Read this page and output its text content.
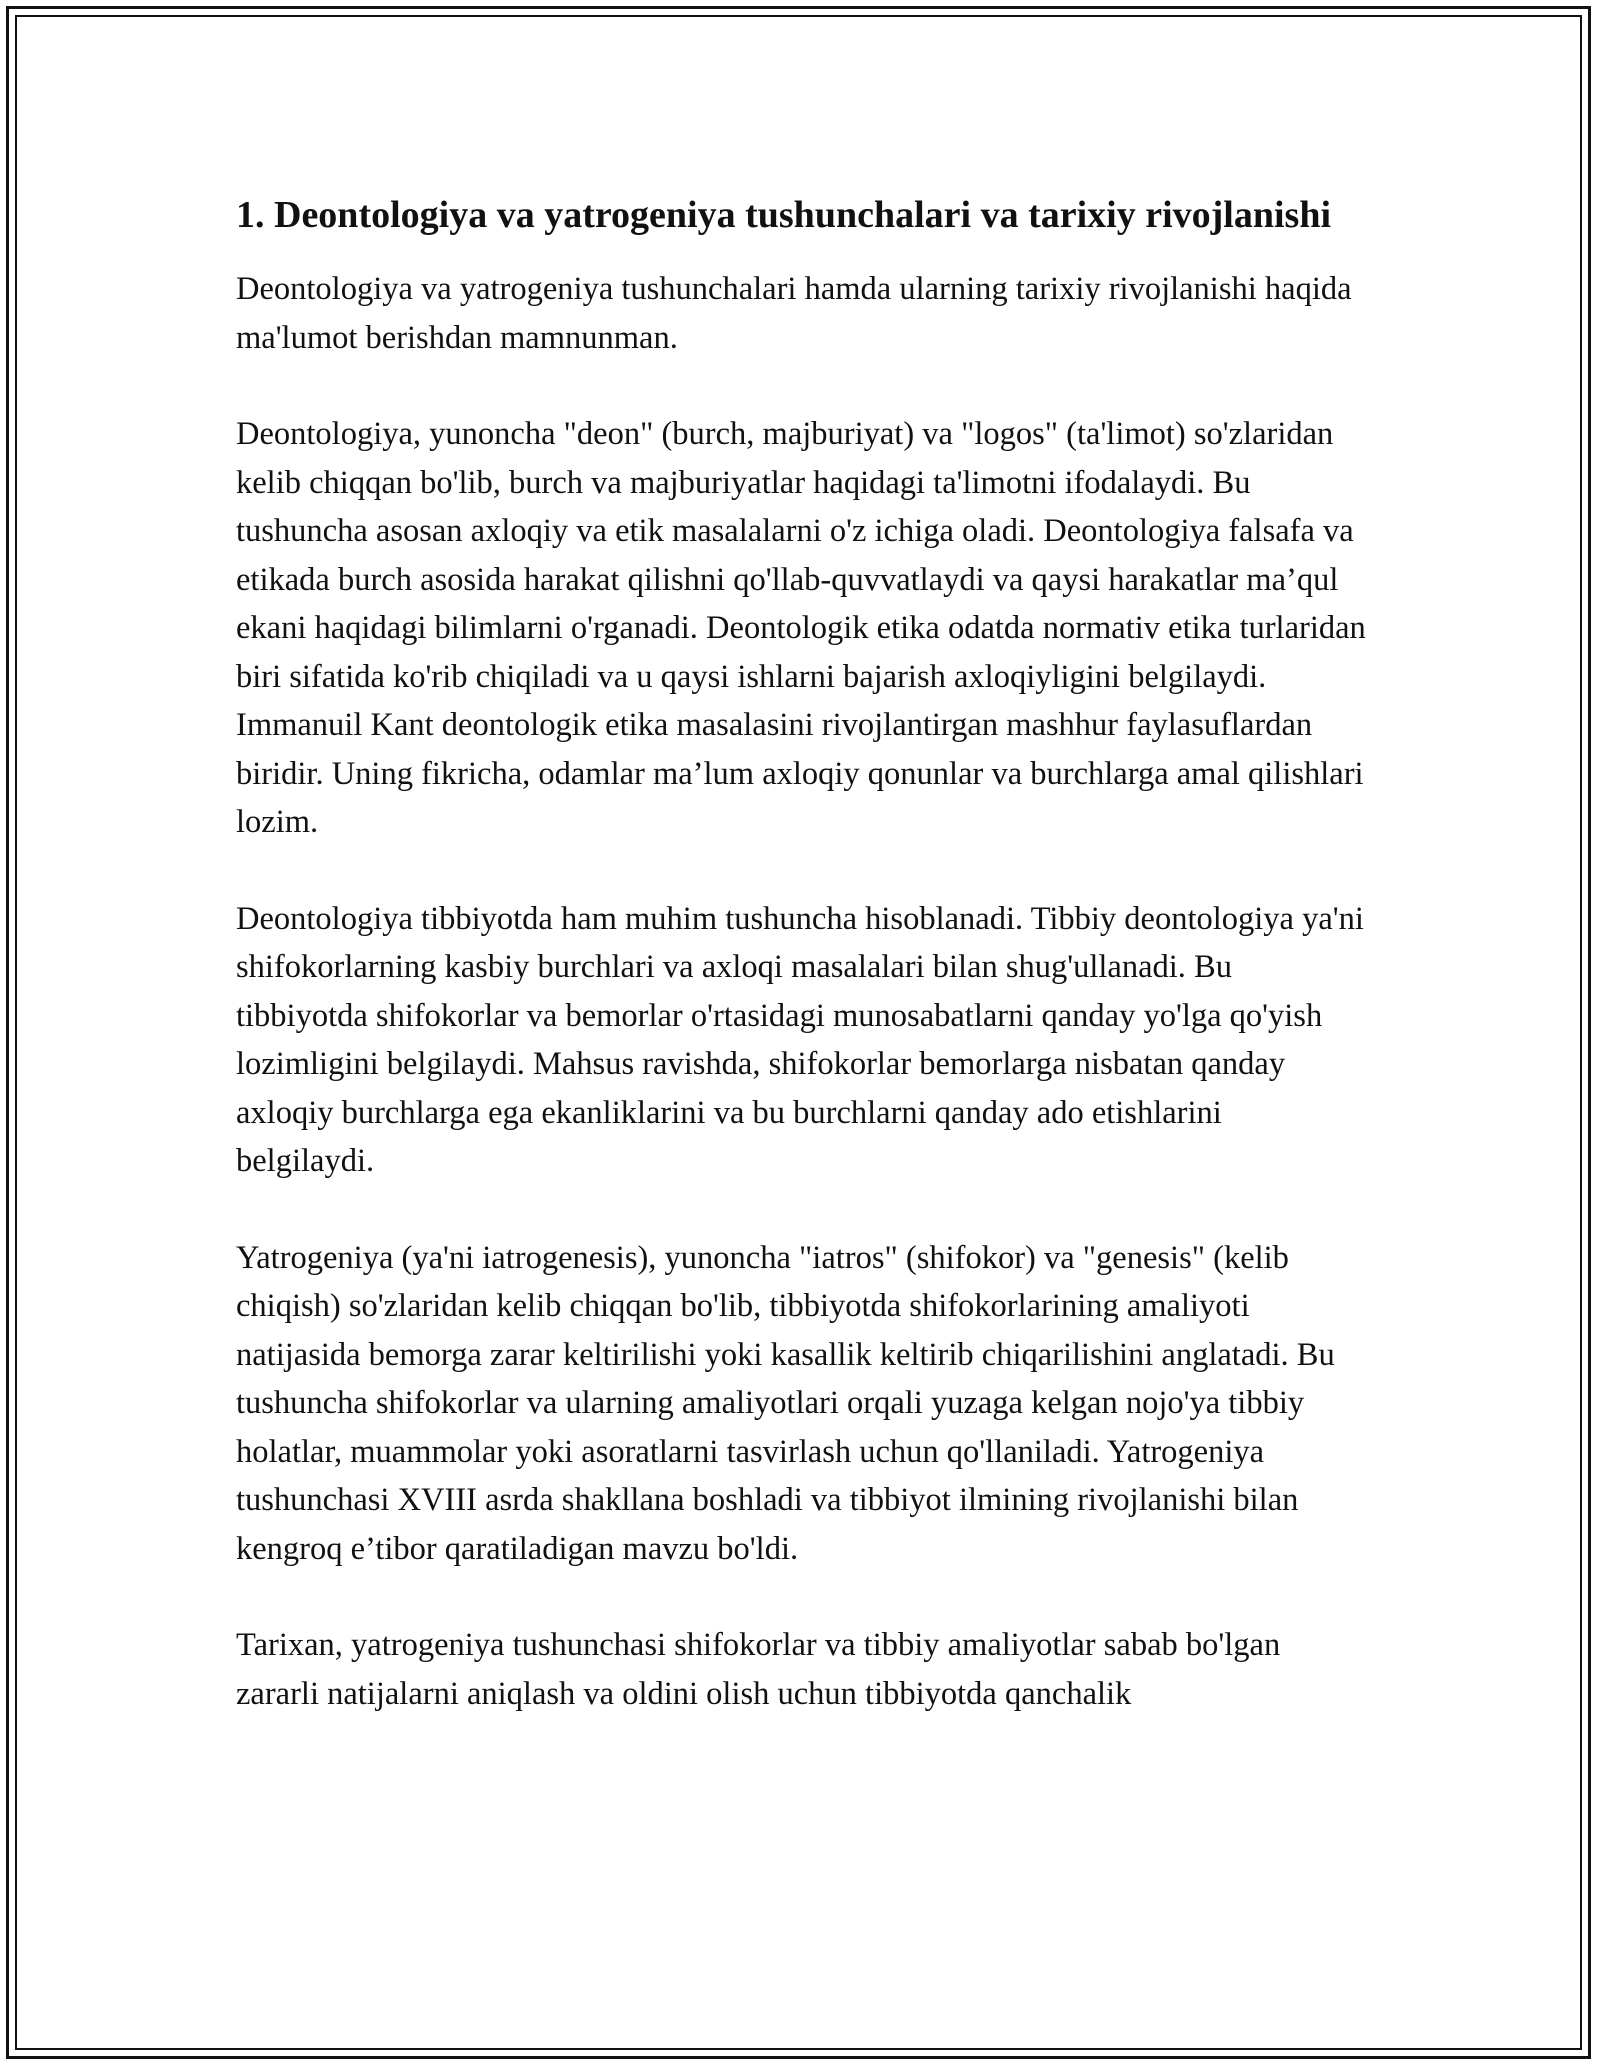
1. Deontologiya va yatrogeniya tushunchalari va tarixiy rivojlanishi

Deontologiya va yatrogeniya tushunchalari hamda ularning tarixiy rivojlanishi haqida ma'lumot berishdan mamnunman.

Deontologiya, yunoncha "deon" (burch, majburiyat) va "logos" (ta'limot) so'zlaridan kelib chiqqan bo'lib, burch va majburiyatlar haqidagi ta'limotni ifodalaydi. Bu tushuncha asosan axloqiy va etik masalalarni o'z ichiga oladi. Deontologiya falsafa va etikada burch asosida harakat qilishni qo'llab-quvvatlaydi va qaysi harakatlar ma’qul ekani haqidagi bilimlarni o'rganadi. Deontologik etika odatda normativ etika turlaridan biri sifatida ko'rib chiqiladi va u qaysi ishlarni bajarish axloqiyligini belgilaydi. Immanuil Kant deontologik etika masalasini rivojlantirgan mashhur faylasuflardan biridir. Uning fikricha, odamlar ma’lum axloqiy qonunlar va burchlarga amal qilishlari lozim.

Deontologiya tibbiyotda ham muhim tushuncha hisoblanadi. Tibbiy deontologiya ya'ni shifokorlarning kasbiy burchlari va axloqi masalalari bilan shug'ullanadi. Bu tibbiyotda shifokorlar va bemorlar o'rtasidagi munosabatlarni qanday yo'lga qo'yish lozimligini belgilaydi. Mahsus ravishda, shifokorlar bemorlarga nisbatan qanday axloqiy burchlarga ega ekanliklarini va bu burchlarni qanday ado etishlarini belgilaydi.

Yatrogeniya (ya'ni iatrogenesis), yunoncha "iatros" (shifokor) va "genesis" (kelib chiqish) so'zlaridan kelib chiqqan bo'lib, tibbiyotda shifokorlarining amaliyoti natijasida bemorga zarar keltirilishi yoki kasallik keltirib chiqarilishini anglatadi. Bu tushuncha shifokorlar va ularning amaliyotlari orqali yuzaga kelgan nojo'ya tibbiy holatlar, muammolar yoki asoratlarni tasvirlash uchun qo'llaniladi. Yatrogeniya tushunchasi XVIII asrda shakllana boshladi va tibbiyot ilmining rivojlanishi bilan kengroq e’tibor qaratiladigan mavzu bo'ldi.

Tarixan, yatrogeniya tushunchasi shifokorlar va tibbiy amaliyotlar sabab bo'lgan zararli natijalarni aniqlash va oldini olish uchun tibbiyotda qanchalik
